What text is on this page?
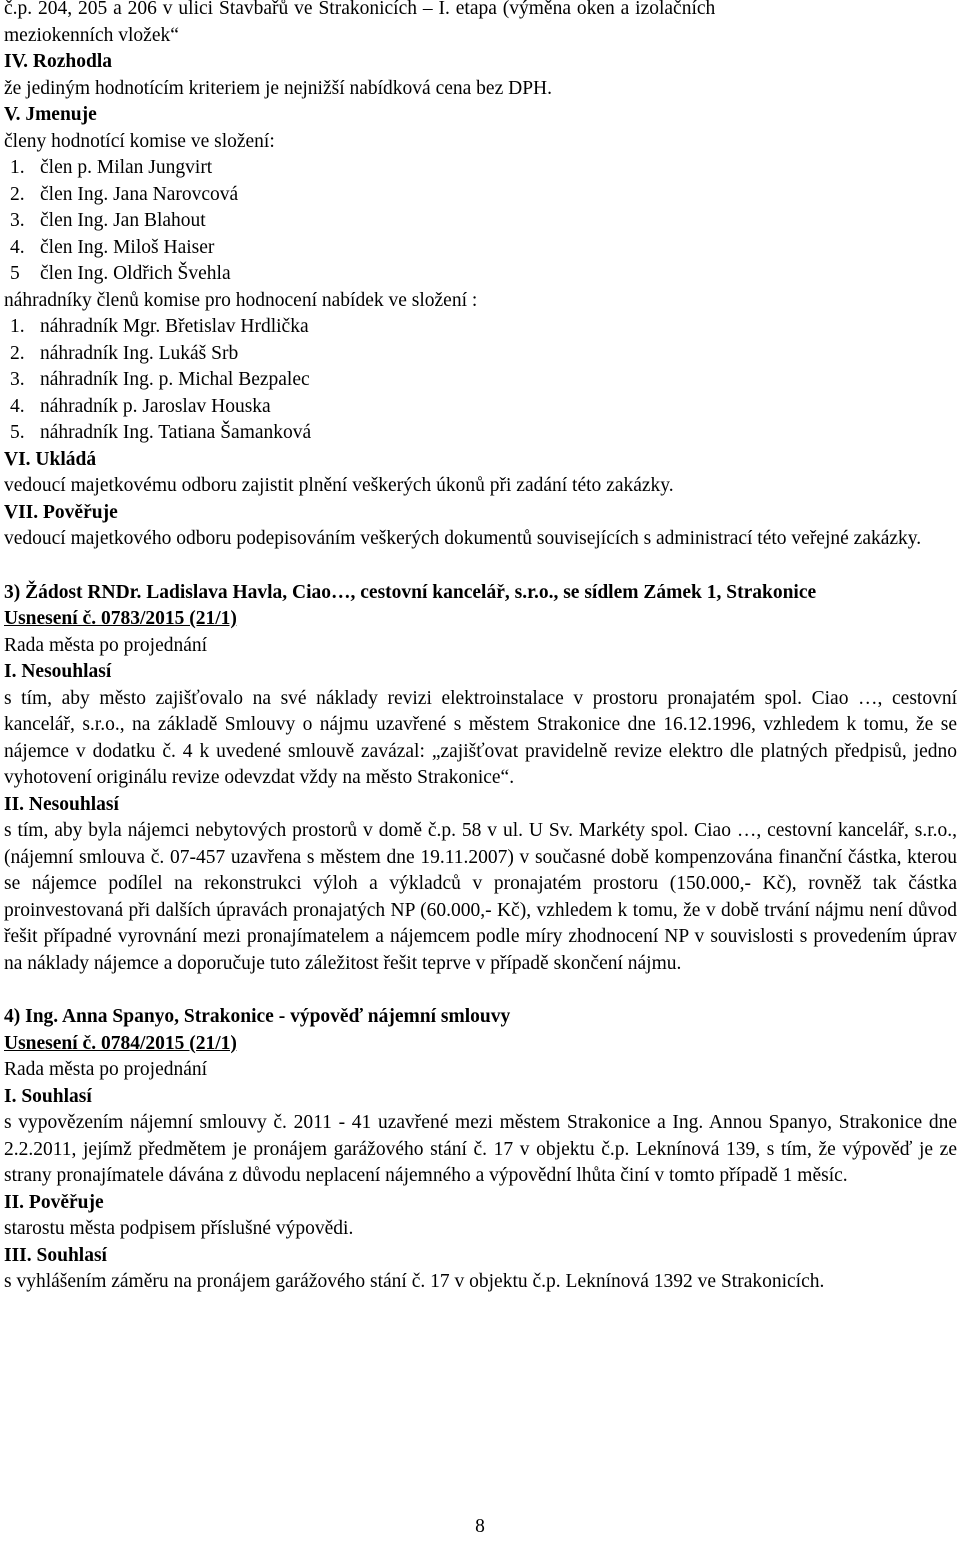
č.p. 204, 205 a 206 v ulici Stavbařů ve Strakonicích – I. etapa (výměna oken a izolačních
meziokenních vložek“
IV. Rozhodla
že jediným hodnotícím kriteriem je nejnižší nabídková cena bez DPH.
V. Jmenuje
členy hodnotící komise ve složení:
1. člen p. Milan Jungvirt
2. člen Ing. Jana Narovcová
3. člen Ing. Jan Blahout
4. člen Ing. Miloš Haiser
5 člen Ing. Oldřich Švehla
náhradníky členů komise pro hodnocení nabídek ve složení :
1. náhradník Mgr. Břetislav Hrdlička
2. náhradník Ing. Lukáš Srb
3. náhradník Ing. p. Michal Bezpalec
4. náhradník p. Jaroslav Houska
5. náhradník Ing. Tatiana Šamanková
VI. Ukládá
vedoucí majetkovému odboru zajistit plnění veškerých úkonů při zadání této zakázky.
VII. Pověřuje
vedoucí majetkového odboru podepisováním veškerých dokumentů souvisejících s administrací této veřejné zakázky.
3) Žádost RNDr. Ladislava Havla, Ciao…, cestovní kancelář, s.r.o., se sídlem Zámek 1, Strakonice
Usnesení č. 0783/2015 (21/1)
Rada města po projednání
I. Nesouhlasí
s tím, aby město zajišťovalo na své náklady revizi elektroinstalace v prostoru pronajatém spol. Ciao …, cestovní kancelář, s.r.o., na základě Smlouvy o nájmu uzavřené s městem Strakonice dne 16.12.1996, vzhledem k tomu, že se nájemce v dodatku č. 4 k uvedené smlouvě zavázal: „zajišťovat pravidelně revize elektro dle platných předpisů, jedno vyhotovení originálu revize odevzdat vždy na město Strakonice“.
II. Nesouhlasí
s tím, aby byla nájemci nebytových prostorů v domě č.p. 58 v ul. U Sv. Markéty spol. Ciao …, cestovní kancelář, s.r.o.,(nájemní smlouva č. 07-457 uzavřena s městem dne 19.11.2007) v současné době kompenzována finanční částka, kterou se nájemce podílel na rekonstrukci výloh a výkladců v pronajatém prostoru (150.000,- Kč), rovněž tak částka proinvestovaná při dalších úpravách pronajatých NP (60.000,- Kč), vzhledem k tomu, že v době trvání nájmu není důvod řešit případné vyrovnání mezi pronajímatelem a nájemcem podle míry zhodnocení NP v souvislosti s provedením úprav na náklady nájemce a doporučuje tuto záležitost řešit teprve v případě skončení nájmu.
4) Ing. Anna Spanyo, Strakonice - výpověď nájemní smlouvy
Usnesení č. 0784/2015 (21/1)
Rada města po projednání
I. Souhlasí
s vypovězením nájemní smlouvy č. 2011 - 41 uzavřené mezi městem Strakonice a Ing. Annou Spanyo, Strakonice dne 2.2.2011, jejímž předmětem je pronájem garážového stání č. 17 v objektu č.p. Leknínová 139, s tím, že výpověď je ze strany pronajímatele dávána z důvodu neplacení nájemného a výpovědní lhůta činí v tomto případě 1 měsíc.
II. Pověřuje
starostu města podpisem příslušné výpovědi.
III. Souhlasí
s vyhlášením záměru na pronájem garážového stání č. 17 v objektu č.p. Leknínová 1392 ve Strakonicích.
8
